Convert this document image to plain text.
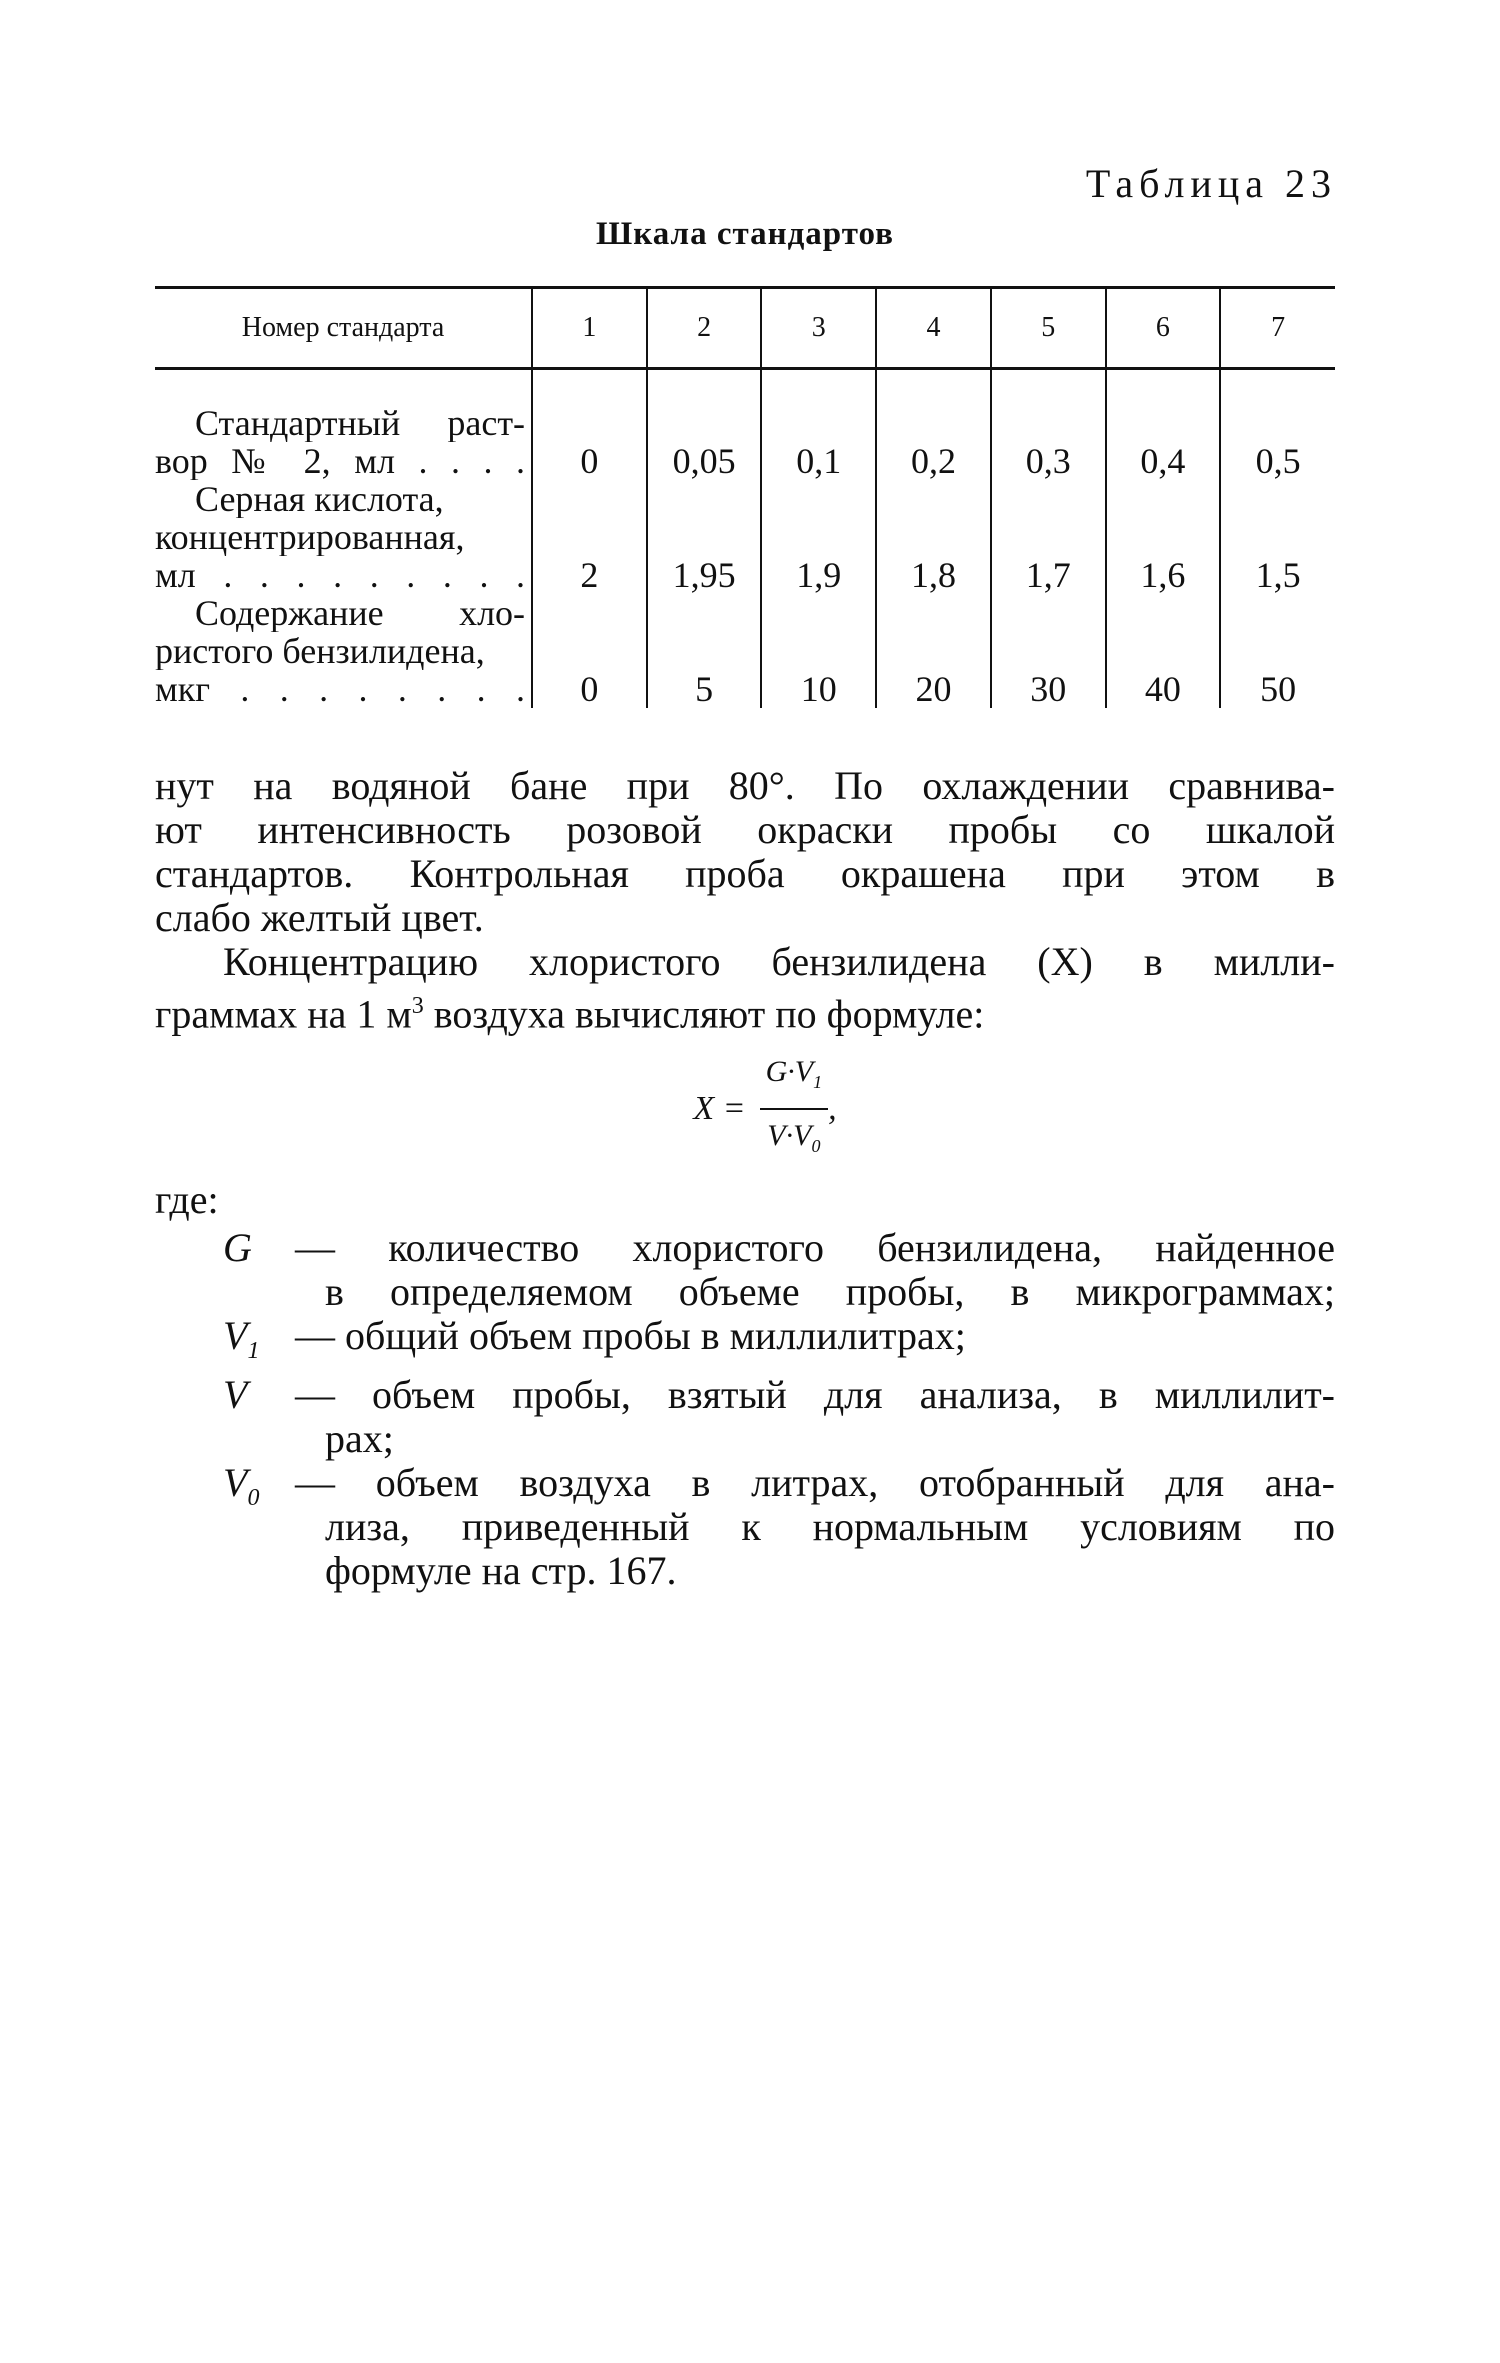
Таблица 23
Шкала стандартов
Номер стандарта	1	2	3	4	5	6	7

Стандартный раст-
вор № 2, мл . . . .	0	0,05	0,1	0,2	0,3	0,4	0,5

Серная кислота,
концентрированная,
мл . . . . . . . . .	2	1,95	1,9	1,8	1,7	1,6	1,5

Содержание хло-
ристого бензилидена,
мкг . . . . . . . .	0	5	10	20	30	40	50

нут на водяной бане при 80°. По охлаждении сравнива-
ют интенсивность розовой окраски пробы со шкалой
стандартов. Контрольная проба окрашена при этом в
слабо желтый цвет.

Концентрацию хлористого бензилидена (X) в милли-
граммах на 1 $м^3$ воздуха вычисляют по формуле:

$X = \frac{G\cdot V_1}{V\cdot V_0}$ ,
где:
G	— количество хлористого бензилидена, найденное
в определяемом объеме пробы, в микрограммах;
$V_1$ — общий объем пробы в миллилитрах;
V	— объем пробы, взятый для анализа, в миллилит-
рах;
$V_0$ — объем воздуха в литрах, отобранный для ана-
лиза, приведенный к нормальным условиям по
формуле на стр. 167.
